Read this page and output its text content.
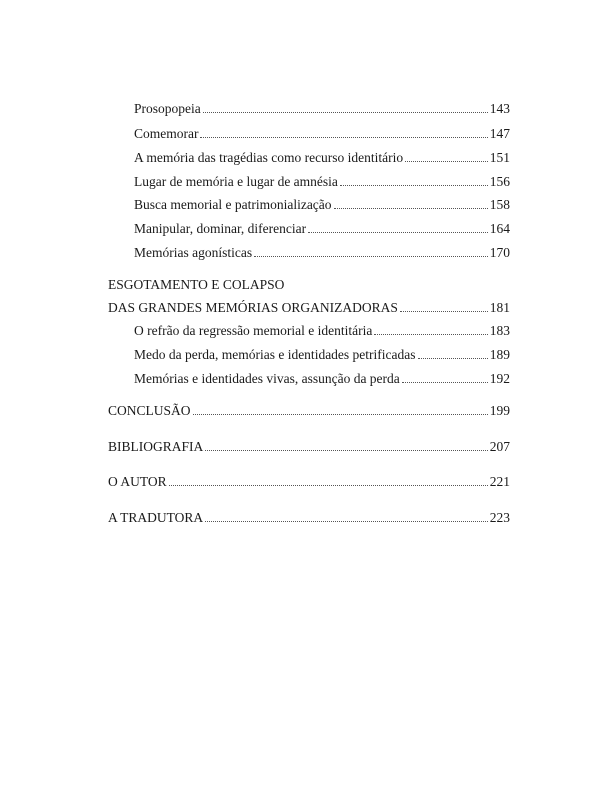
Prosopopeia	143
Comemorar	147
A memória das tragédias como recurso identitário	151
Lugar de memória e lugar de amnésia	156
Busca memorial e patrimonialização	158
Manipular, dominar, diferenciar	164
Memórias agonísticas	170
ESGOTAMENTO E COLAPSO
DAS GRANDES MEMÓRIAS ORGANIZADORAS	181
O refrão da regressão memorial e identitária	183
Medo da perda, memórias e identidades petrificadas	189
Memórias e identidades vivas, assunção da perda	192
CONCLUSÃO	199
BIBLIOGRAFIA	207
O AUTOR	221
A TRADUTORA	223
